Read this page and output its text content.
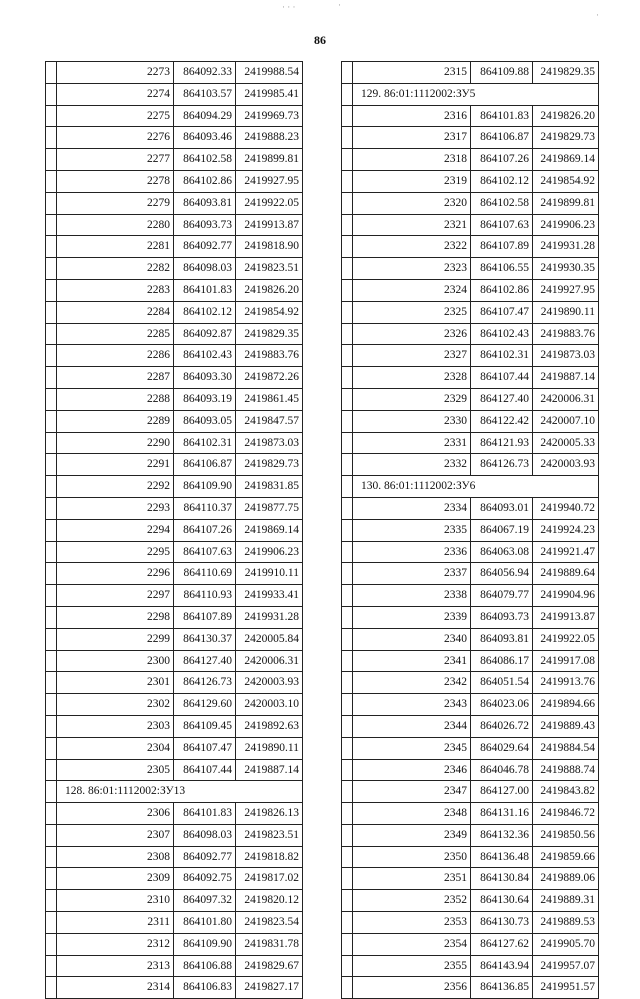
86
· · ·	·
·
	2273	864092.33	2419988.54
	2274	864103.57	2419985.41
	2275	864094.29	2419969.73
	2276	864093.46	2419888.23
	2277	864102.58	2419899.81
	2278	864102.86	2419927.95
	2279	864093.81	2419922.05
	2280	864093.73	2419913.87
	2281	864092.77	2419818.90
	2282	864098.03	2419823.51
	2283	864101.83	2419826.20
	2284	864102.12	2419854.92
	2285	864092.87	2419829.35
	2286	864102.43	2419883.76
	2287	864093.30	2419872.26
	2288	864093.19	2419861.45
	2289	864093.05	2419847.57
	2290	864102.31	2419873.03
	2291	864106.87	2419829.73
	2292	864109.90	2419831.85
	2293	864110.37	2419877.75
	2294	864107.26	2419869.14
	2295	864107.63	2419906.23
	2296	864110.69	2419910.11
	2297	864110.93	2419933.41
	2298	864107.89	2419931.28
	2299	864130.37	2420005.84
	2300	864127.40	2420006.31
	2301	864126.73	2420003.93
	2302	864129.60	2420003.10
	2303	864109.45	2419892.63
	2304	864107.47	2419890.11
	2305	864107.44	2419887.14
	128. 86:01:1112002:ЗУ13		
	2306	864101.83	2419826.13
	2307	864098.03	2419823.51
	2308	864092.77	2419818.82
	2309	864092.75	2419817.02
	2310	864097.32	2419820.12
	2311	864101.80	2419823.54
	2312	864109.90	2419831.78
	2313	864106.88	2419829.67
	2314	864106.83	2419827.17
	2315	864109.88	2419829.35
	129. 86:01:1112002:ЗУ5		
	2316	864101.83	2419826.20
	2317	864106.87	2419829.73
	2318	864107.26	2419869.14
	2319	864102.12	2419854.92
	2320	864102.58	2419899.81
	2321	864107.63	2419906.23
	2322	864107.89	2419931.28
	2323	864106.55	2419930.35
	2324	864102.86	2419927.95
	2325	864107.47	2419890.11
	2326	864102.43	2419883.76
	2327	864102.31	2419873.03
	2328	864107.44	2419887.14
	2329	864127.40	2420006.31
	2330	864122.42	2420007.10
	2331	864121.93	2420005.33
	2332	864126.73	2420003.93
	130. 86:01:1112002:ЗУ6		
	2334	864093.01	2419940.72
	2335	864067.19	2419924.23
	2336	864063.08	2419921.47
	2337	864056.94	2419889.64
	2338	864079.77	2419904.96
	2339	864093.73	2419913.87
	2340	864093.81	2419922.05
	2341	864086.17	2419917.08
	2342	864051.54	2419913.76
	2343	864023.06	2419894.66
	2344	864026.72	2419889.43
	2345	864029.64	2419884.54
	2346	864046.78	2419888.74
	2347	864127.00	2419843.82
	2348	864131.16	2419846.72
	2349	864132.36	2419850.56
	2350	864136.48	2419859.66
	2351	864130.84	2419889.06
	2352	864130.64	2419889.31
	2353	864130.73	2419889.53
	2354	864127.62	2419905.70
	2355	864143.94	2419957.07
	2356	864136.85	2419951.57
